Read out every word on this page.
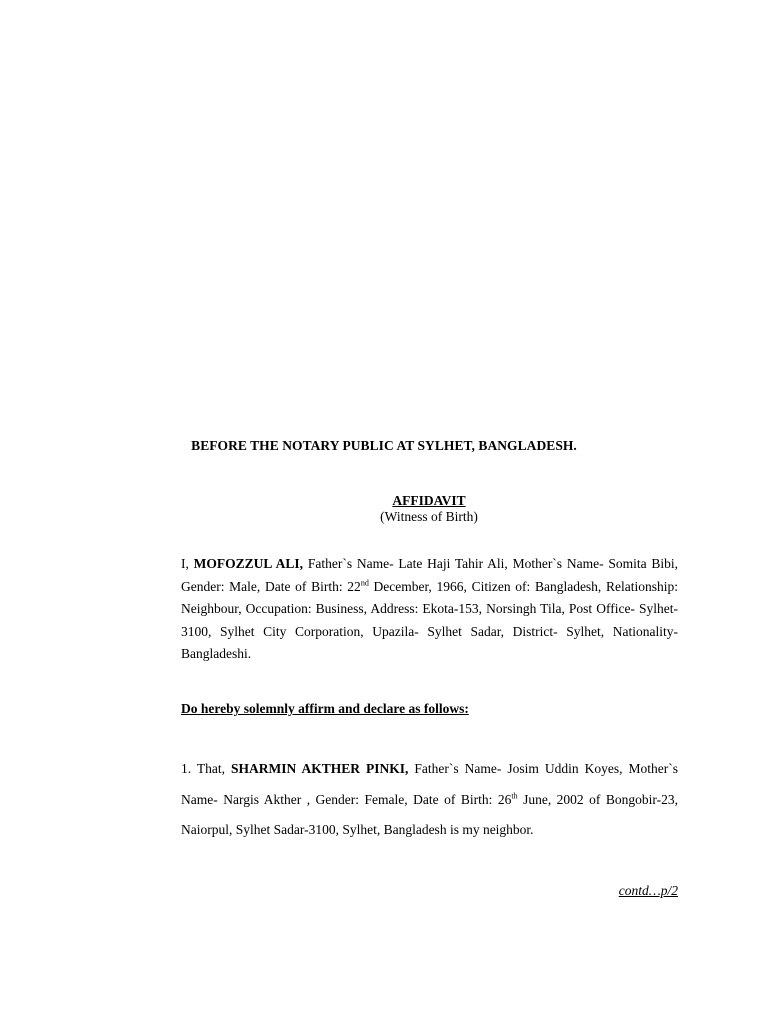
BEFORE THE NOTARY PUBLIC AT SYLHET, BANGLADESH.
AFFIDAVIT
(Witness of Birth)

I, MOFOZZUL ALI, Father`s Name- Late Haji Tahir Ali, Mother`s Name- Somita Bibi, Gender: Male, Date of Birth: 22nd December, 1966, Citizen of: Bangladesh, Relationship: Neighbour, Occupation: Business, Address: Ekota-153, Norsingh Tila, Post Office- Sylhet-3100, Sylhet City Corporation, Upazila- Sylhet Sadar, District- Sylhet, Nationality-Bangladeshi.

Do hereby solemnly affirm and declare as follows:

1. That, SHARMIN AKTHER PINKI, Father`s Name- Josim Uddin Koyes, Mother`s Name- Nargis Akther , Gender: Female, Date of Birth: 26th June, 2002 of Bongobir-23, Naiorpul, Sylhet Sadar-3100, Sylhet, Bangladesh is my neighbor.

contd…p/2
